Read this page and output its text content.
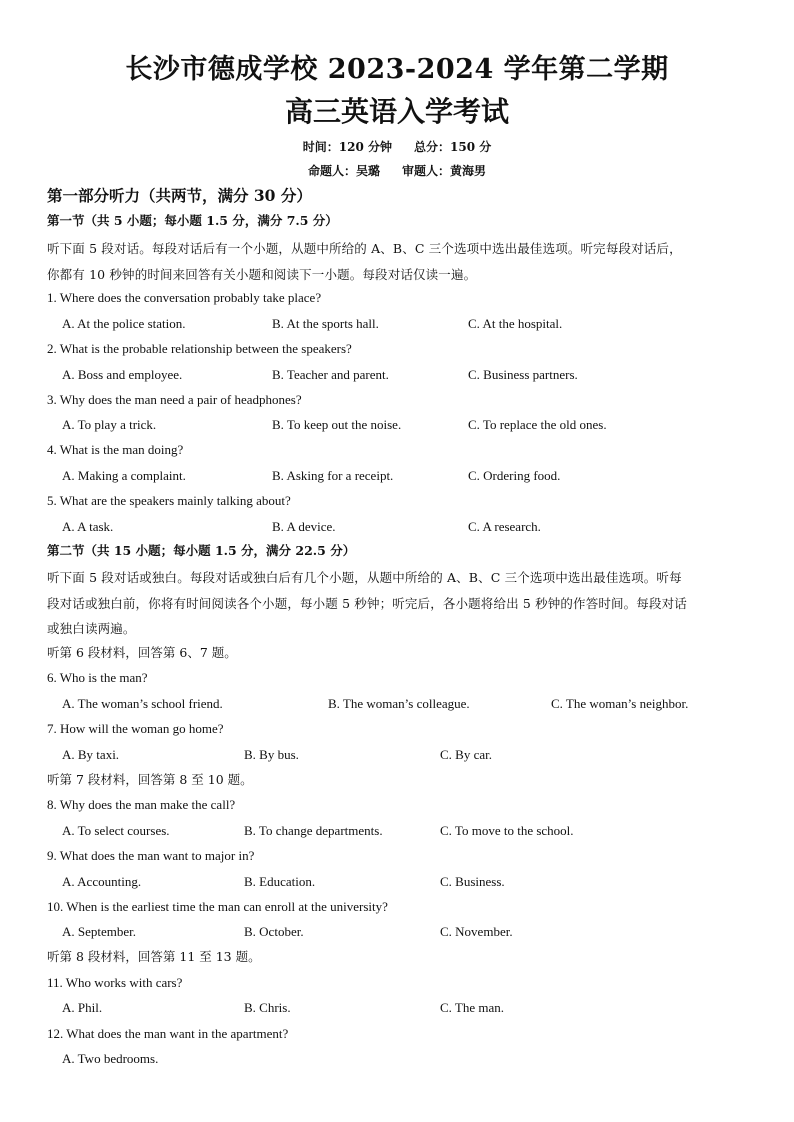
长沙市德成学校 2023-2024 学年第二学期
高三英语入学考试
时间：120 分钟 总分：150 分
命题人：吴璐 审题人：黄海男
第一部分听力（共两节，满分 30 分）
第一节（共 5 小题；每小题 1.5 分，满分 7.5 分）
听下面 5 段对话。每段对话后有一个小题，从题中所给的 A、B、C 三个选项中选出最佳选项。听完每段对话后，
你都有 10 秒钟的时间来回答有关小题和阅读下一小题。每段对话仅读一遍。
1. Where does the conversation probably take place?
A. At the police station.	B. At the sports hall.	C. At the hospital.
2. What is the probable relationship between the speakers?
A. Boss and employee.	B. Teacher and parent.	C. Business partners.
3. Why does the man need a pair of headphones?
A. To play a trick.	B. To keep out the noise.	C. To replace the old ones.
4. What is the man doing?
A. Making a complaint.	B. Asking for a receipt.	C. Ordering food.
5. What are the speakers mainly talking about?
A. A task.	B. A device.	C. A research.
第二节（共 15 小题；每小题 1.5 分，满分 22.5 分）
听下面 5 段对话或独白。每段对话或独白后有几个小题，从题中所给的 A、B、C 三个选项中选出最佳选项。听每
段对话或独白前，你将有时间阅读各个小题，每小题 5 秒钟；听完后，各小题将给出 5 秒钟的作答时间。每段对话
或独白读两遍。
听第 6 段材料，回答第 6、7 题。
6. Who is the man?
A. The woman’s school friend.	B. The woman’s colleague.	C. The woman’s neighbor.
7. How will the woman go home?
A. By taxi.	B. By bus.	C. By car.
听第 7 段材料，回答第 8 至 10 题。
8. Why does the man make the call?
A. To select courses.	B. To change departments.	C. To move to the school.
9. What does the man want to major in?
A. Accounting.	B. Education.	C. Business.
10. When is the earliest time the man can enroll at the university?
A. September.	B. October.	C. November.
听第 8 段材料，回答第 11 至 13 题。
11. Who works with cars?
A. Phil.	B. Chris.	C. The man.
12. What does the man want in the apartment?
A. Two bedrooms.
